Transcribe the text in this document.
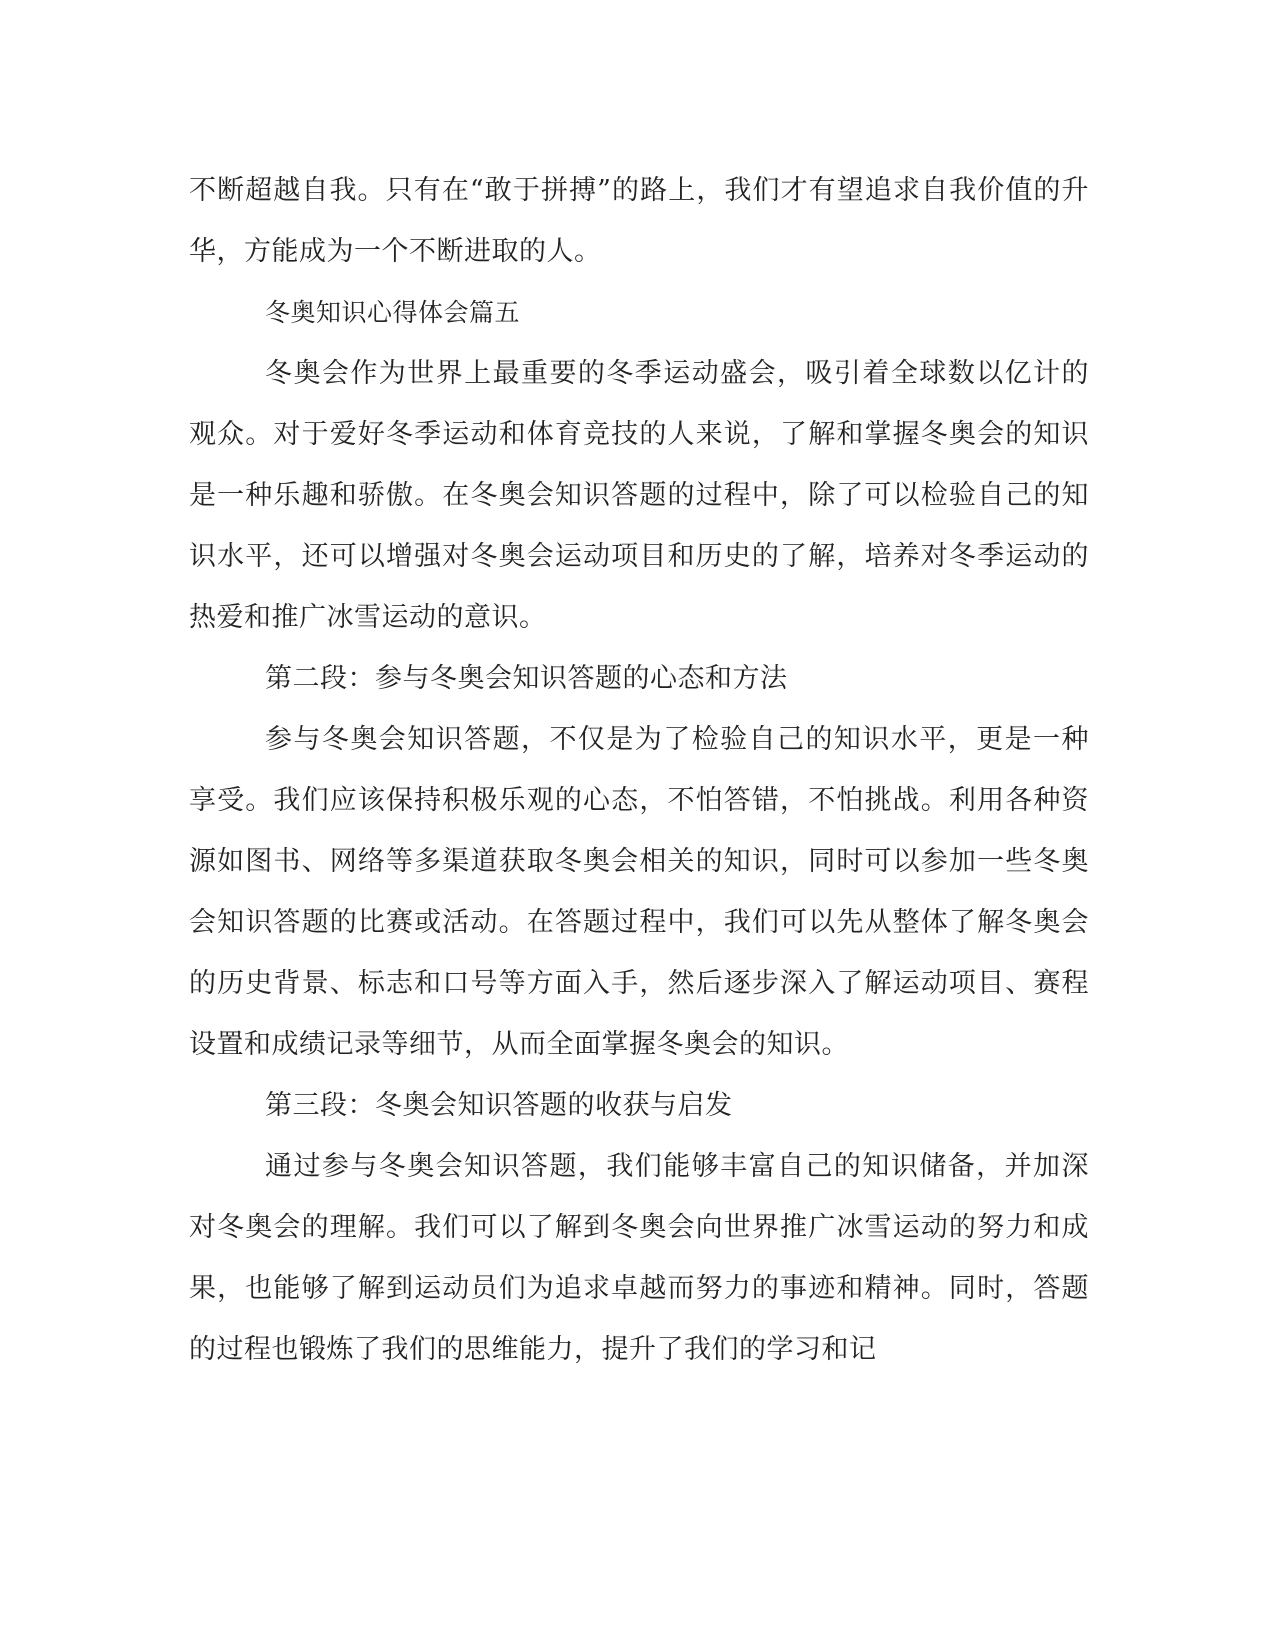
不断超越自我。只有在“敢于拼搏”的路上，我们才有望追求自我价值的升华，方能成为一个不断进取的人。

冬奥知识心得体会篇五

冬奥会作为世界上最重要的冬季运动盛会，吸引着全球数以亿计的观众。对于爱好冬季运动和体育竞技的人来说，了解和掌握冬奥会的知识是一种乐趣和骄傲。在冬奥会知识答题的过程中，除了可以检验自己的知识水平，还可以增强对冬奥会运动项目和历史的了解，培养对冬季运动的热爱和推广冰雪运动的意识。

第二段：参与冬奥会知识答题的心态和方法

参与冬奥会知识答题，不仅是为了检验自己的知识水平，更是一种享受。我们应该保持积极乐观的心态，不怕答错，不怕挑战。利用各种资源如图书、网络等多渠道获取冬奥会相关的知识，同时可以参加一些冬奥会知识答题的比赛或活动。在答题过程中，我们可以先从整体了解冬奥会的历史背景、标志和口号等方面入手，然后逐步深入了解运动项目、赛程设置和成绩记录等细节，从而全面掌握冬奥会的知识。

第三段：冬奥会知识答题的收获与启发

通过参与冬奥会知识答题，我们能够丰富自己的知识储备，并加深对冬奥会的理解。我们可以了解到冬奥会向世界推广冰雪运动的努力和成果，也能够了解到运动员们为追求卓越而努力的事迹和精神。同时，答题的过程也锻炼了我们的思维能力，提升了我们的学习和记
